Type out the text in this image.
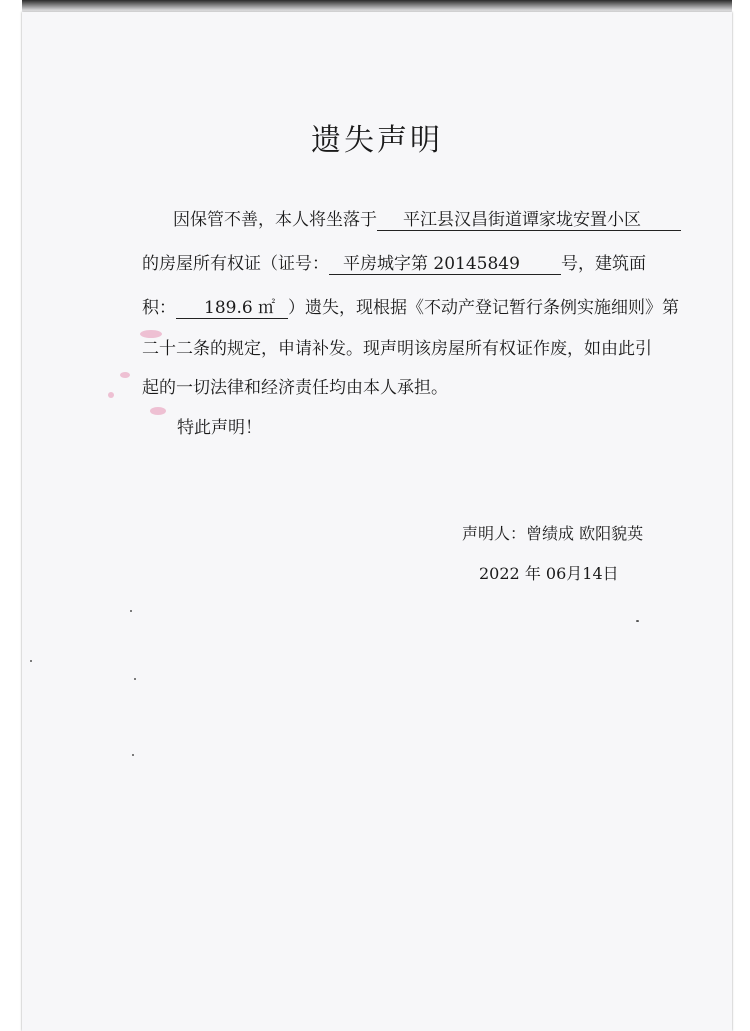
遗失声明
因保管不善，本人将坐落于 平江县汉昌街道谭家垅安置小区
的房屋所有权证（证号： 平房城字第 20145849 号，建筑面
积： 189.6 ㎡ ）遗失，现根据《不动产登记暂行条例实施细则》第
二十二条的规定，申请补发。现声明该房屋所有权证作废，如由此引
起的一切法律和经济责任均由本人承担。
特此声明！
声明人：曾绩成 欧阳貌英
2022 年 06月14日
